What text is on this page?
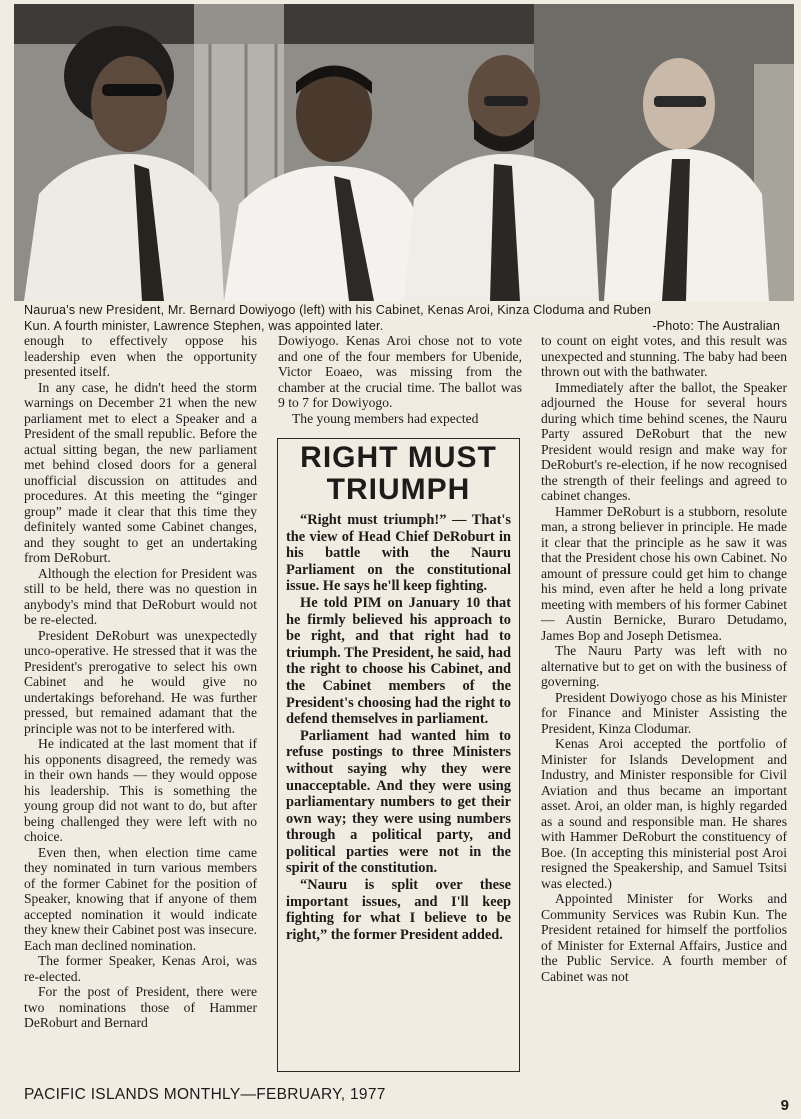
Naurua's new President, Mr. Bernard Dowiyogo (left) with his Cabinet, Kenas Aroi, Kinza Cloduma and Ruben
Kun. A fourth minister, Lawrence Stephen, was appointed later.	-Photo: The Australian

enough to effectively oppose his leadership even when the opportunity presented itself.

In any case, he didn't heed the storm warnings on December 21 when the new parliament met to elect a Speaker and a President of the small republic. Before the actual sitting began, the new parliament met behind closed doors for a general unofficial discussion on attitudes and procedures. At this meeting the “ginger group” made it clear that this time they definitely wanted some Cabinet changes, and they sought to get an undertaking from DeRoburt.

Although the election for President was still to be held, there was no question in anybody's mind that DeRoburt would not be re-elected.

President DeRoburt was unexpectedly unco-operative. He stressed that it was the President's prerogative to select his own Cabinet and he would give no undertakings beforehand. He was further pressed, but remained adamant that the principle was not to be interfered with.

He indicated at the last moment that if his opponents disagreed, the remedy was in their own hands — they would oppose his leadership. This is something the young group did not want to do, but after being challenged they were left with no choice.

Even then, when election time came they nominated in turn various members of the former Cabinet for the position of Speaker, knowing that if anyone of them accepted nomination it would indicate they knew their Cabinet post was insecure. Each man declined nomination.

The former Speaker, Kenas Aroi, was re-elected.

For the post of President, there were two nominations those of Hammer DeRoburt and Bernard

Dowiyogo. Kenas Aroi chose not to vote and one of the four members for Ubenide, Victor Eoaeo, was missing from the chamber at the crucial time. The ballot was 9 to 7 for Dowiyogo.

The young members had expected

RIGHT MUST TRIUMPH

“Right must triumph!” — That's the view of Head Chief DeRoburt in his battle with the Nauru Parliament on the constitutional issue. He says he'll keep fighting.

He told PIM on January 10 that he firmly believed his approach to be right, and that right had to triumph. The President, he said, had the right to choose his Cabinet, and the Cabinet members of the President's choosing had the right to defend themselves in parliament.

Parliament had wanted him to refuse postings to three Ministers without saying why they were unacceptable. And they were using parliamentary numbers to get their own way; they were using numbers through a political party, and political parties were not in the spirit of the constitution.

“Nauru is split over these important issues, and I'll keep fighting for what I believe to be right,” the former President added.

to count on eight votes, and this result was unexpected and stunning. The baby had been thrown out with the bathwater.

Immediately after the ballot, the Speaker adjourned the House for several hours during which time behind scenes, the Nauru Party assured DeRoburt that the new President would resign and make way for DeRoburt's re-election, if he now recognised the strength of their feelings and agreed to cabinet changes.

Hammer DeRoburt is a stubborn, resolute man, a strong believer in principle. He made it clear that the principle as he saw it was that the President chose his own Cabinet. No amount of pressure could get him to change his mind, even after he held a long private meeting with members of his former Cabinet — Austin Bernicke, Buraro Detudamo, James Bop and Joseph Detismea.

The Nauru Party was left with no alternative but to get on with the business of governing.

President Dowiyogo chose as his Minister for Finance and Minister Assisting the President, Kinza Clodumar.

Kenas Aroi accepted the portfolio of Minister for Islands Development and Industry, and Minister responsible for Civil Aviation and thus became an important asset. Aroi, an older man, is highly regarded as a sound and responsible man. He shares with Hammer DeRoburt the constituency of Boe. (In accepting this ministerial post Aroi resigned the Speakership, and Samuel Tsitsi was elected.)

Appointed Minister for Works and Community Services was Rubin Kun. The President retained for himself the portfolios of Minister for External Affairs, Justice and the Public Service. A fourth member of Cabinet was not

PACIFIC ISLANDS MONTHLY—FEBRUARY, 1977
9
